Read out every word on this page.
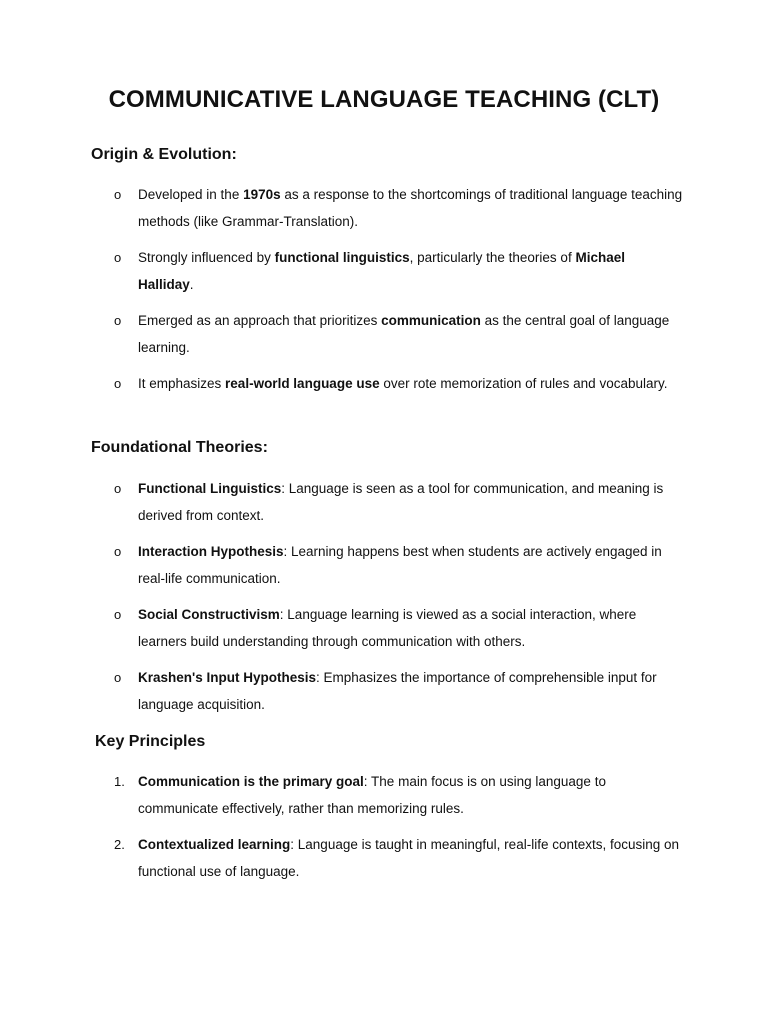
COMMUNICATIVE LANGUAGE TEACHING (CLT)
Origin & Evolution:
o Developed in the 1970s as a response to the shortcomings of traditional language teaching methods (like Grammar-Translation).
o Strongly influenced by functional linguistics, particularly the theories of Michael Halliday.
o Emerged as an approach that prioritizes communication as the central goal of language learning.
o It emphasizes real-world language use over rote memorization of rules and vocabulary.
Foundational Theories:
o Functional Linguistics: Language is seen as a tool for communication, and meaning is derived from context.
o Interaction Hypothesis: Learning happens best when students are actively engaged in real-life communication.
o Social Constructivism: Language learning is viewed as a social interaction, where learners build understanding through communication with others.
o Krashen's Input Hypothesis: Emphasizes the importance of comprehensible input for language acquisition.
Key Principles
1. Communication is the primary goal: The main focus is on using language to communicate effectively, rather than memorizing rules.
2. Contextualized learning: Language is taught in meaningful, real-life contexts, focusing on functional use of language.
